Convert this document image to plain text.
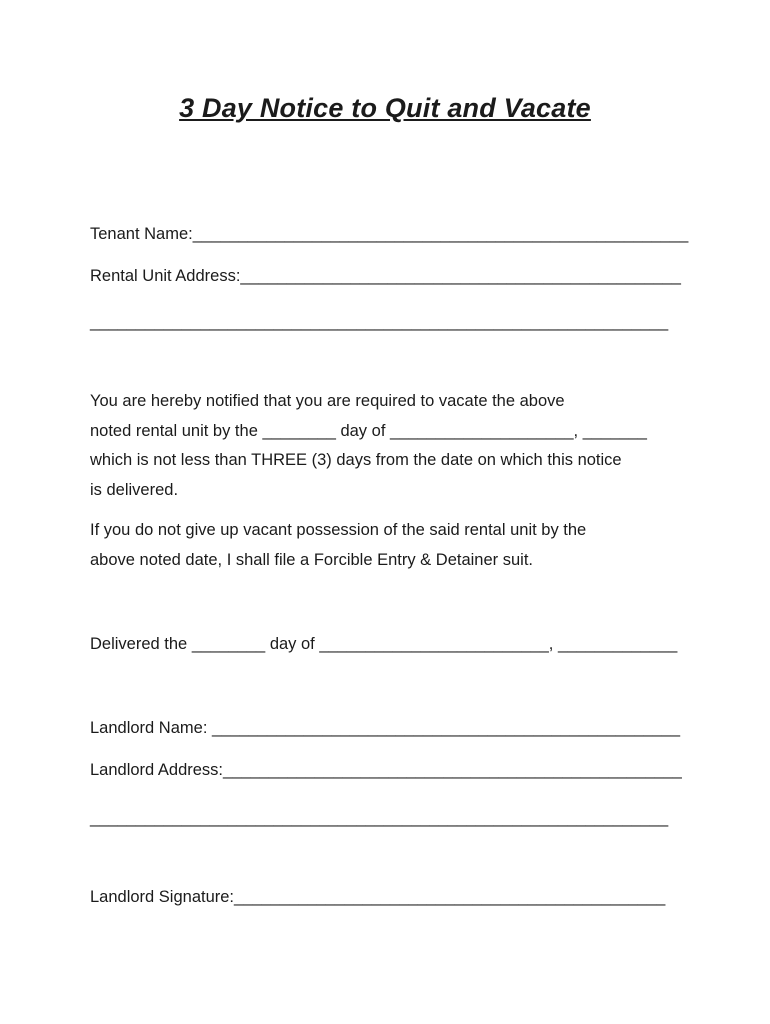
3 Day Notice to Quit and Vacate
Tenant Name:______________________________________________________
Rental Unit Address:________________________________________________
_______________________________________________________________
You are hereby notified that you are required to vacate the above
noted rental unit by the ________ day of ____________________, _______
which is not less than THREE (3) days from the date on which this notice
is delivered.
If you do not give up vacant possession of the said rental unit by the
above noted date, I shall file a Forcible Entry & Detainer suit.
Delivered the ________ day of _________________________, _____________
Landlord Name: ___________________________________________________
Landlord Address:__________________________________________________
_______________________________________________________________
Landlord Signature:_______________________________________________
